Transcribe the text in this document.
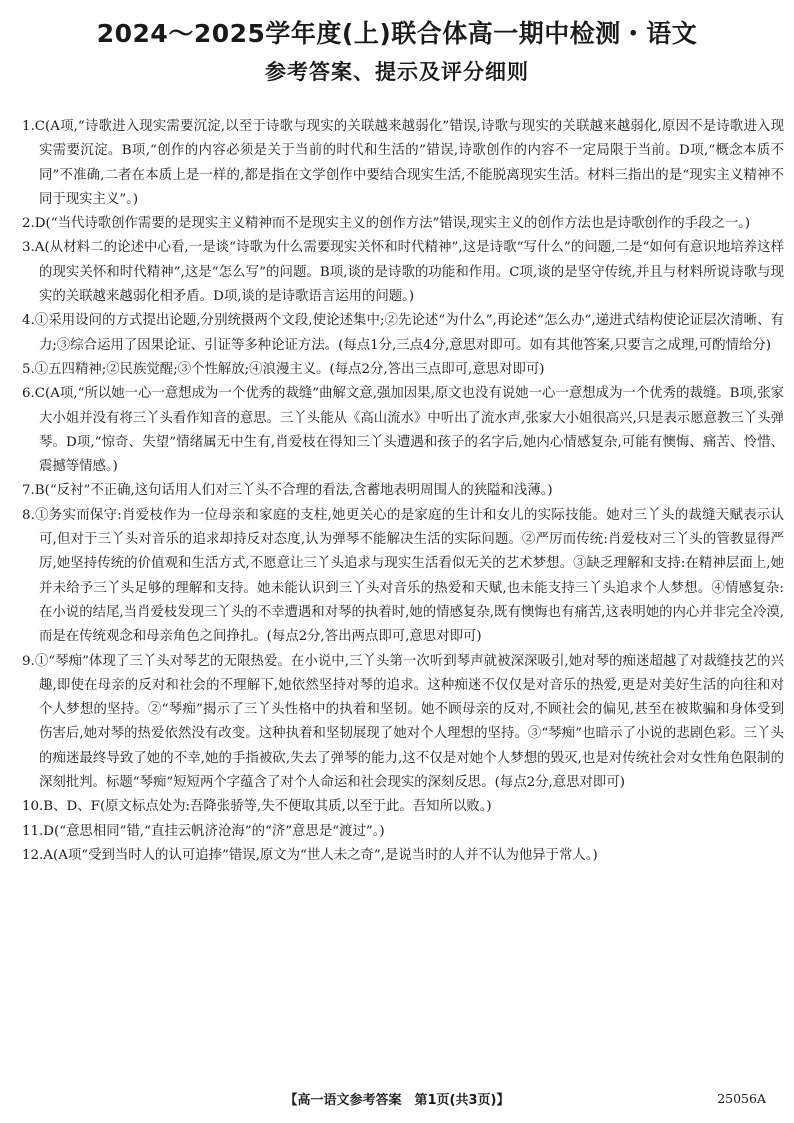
2024～2025学年度(上)联合体高一期中检测・语文
参考答案、提示及评分细则

1.C(A项,“诗歌进入现实需要沉淀,以至于诗歌与现实的关联越来越弱化”错误,诗歌与现实的关联越来越弱化,原因不是诗歌进入现实需要沉淀。B项,“创作的内容必须是关于当前的时代和生活的”错误,诗歌创作的内容不一定局限于当前。D项,“概念本质不同”不准确,二者在本质上是一样的,都是指在文学创作中要结合现实生活,不能脱离现实生活。材料三指出的是“现实主义精神不同于现实主义”。)

2.D(“当代诗歌创作需要的是现实主义精神而不是现实主义的创作方法”错误,现实主义的创作方法也是诗歌创作的手段之一。)

3.A(从材料二的论述中心看,一是谈“诗歌为什么需要现实关怀和时代精神”,这是诗歌“写什么”的问题,二是“如何有意识地培养这样的现实关怀和时代精神”,这是“怎么写”的问题。B项,谈的是诗歌的功能和作用。C项,谈的是坚守传统,并且与材料所说诗歌与现实的关联越来越弱化相矛盾。D项,谈的是诗歌语言运用的问题。)

4.①采用设问的方式提出论题,分别统摄两个文段,使论述集中;②先论述“为什么”,再论述“怎么办”,递进式结构使论证层次清晰、有力;③综合运用了因果论证、引证等多种论证方法。(每点1分,三点4分,意思对即可。如有其他答案,只要言之成理,可酌情给分)

5.①五四精神;②民族觉醒;③个性解放;④浪漫主义。(每点2分,答出三点即可,意思对即可)

6.C(A项,“所以她一心一意想成为一个优秀的裁缝”曲解文意,强加因果,原文也没有说她一心一意想成为一个优秀的裁缝。B项,张家大小姐并没有将三丫头看作知音的意思。三丫头能从《高山流水》中听出了流水声,张家大小姐很高兴,只是表示愿意教三丫头弹琴。D项,“惊奇、失望”情绪属无中生有,肖爱枝在得知三丫头遭遇和孩子的名字后,她内心情感复杂,可能有懊悔、痛苦、怜惜、震撼等情感。)

7.B(“反衬”不正确,这句话用人们对三丫头不合理的看法,含蓄地表明周围人的狭隘和浅薄。)

8.①务实而保守:肖爱枝作为一位母亲和家庭的支柱,她更关心的是家庭的生计和女儿的实际技能。她对三丫头的裁缝天赋表示认可,但对于三丫头对音乐的追求却持反对态度,认为弹琴不能解决生活的实际问题。②严厉而传统:肖爱枝对三丫头的管教显得严厉,她坚持传统的价值观和生活方式,不愿意让三丫头追求与现实生活看似无关的艺术梦想。③缺乏理解和支持:在精神层面上,她并未给予三丫头足够的理解和支持。她未能认识到三丫头对音乐的热爱和天赋,也未能支持三丫头追求个人梦想。④情感复杂:在小说的结尾,当肖爱枝发现三丫头的不幸遭遇和对琴的执着时,她的情感复杂,既有懊悔也有痛苦,这表明她的内心并非完全冷漠,而是在传统观念和母亲角色之间挣扎。(每点2分,答出两点即可,意思对即可)

9.①“琴痴”体现了三丫头对琴艺的无限热爱。在小说中,三丫头第一次听到琴声就被深深吸引,她对琴的痴迷超越了对裁缝技艺的兴趣,即使在母亲的反对和社会的不理解下,她依然坚持对琴的追求。这种痴迷不仅仅是对音乐的热爱,更是对美好生活的向往和对个人梦想的坚持。②“琴痴”揭示了三丫头性格中的执着和坚韧。她不顾母亲的反对,不顾社会的偏见,甚至在被欺骗和身体受到伤害后,她对琴的热爱依然没有改变。这种执着和坚韧展现了她对个人理想的坚持。③“琴痴”也暗示了小说的悲剧色彩。三丫头的痴迷最终导致了她的不幸,她的手指被砍,失去了弹琴的能力,这不仅是对她个人梦想的毁灭,也是对传统社会对女性角色限制的深刻批判。标题“琴痴”短短两个字蕴含了对个人命运和社会现实的深刻反思。(每点2分,意思对即可)

10.B、D、F(原文标点处为:吾降张骄等,失不便取其质,以至于此。吾知所以败。)

11.D(“意思相同”错,“直挂云帆济沧海”的“济”意思是“渡过”。)

12.A(A项“受到当时人的认可追捧”错误,原文为“世人未之奇”,是说当时的人并不认为他异于常人。)

【高一语文参考答案　第1页(共3页)】	25056A
